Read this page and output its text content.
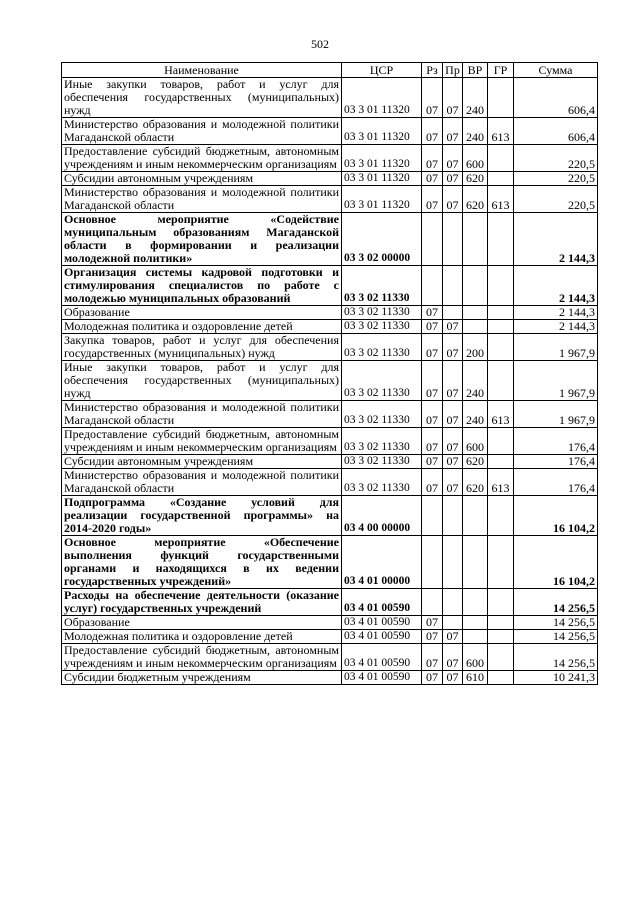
502
Наименование	ЦСР	Рз	Пр	ВР	ГР	Сумма
Иные закупки товаров, работ и услуг для обеспечения государственных (муниципальных) нужд	03 3 01 11320	07	07	240		606,4
Министерство образования и молодежной политики Магаданской области	03 3 01 11320	07	07	240	613	606,4
Предоставление субсидий бюджетным, автономным учреждениям и иным некоммерческим организациям	03 3 01 11320	07	07	600		220,5
Субсидии автономным учреждениям	03 3 01 11320	07	07	620		220,5
Министерство образования и молодежной политики Магаданской области	03 3 01 11320	07	07	620	613	220,5
Основное мероприятие «Содействие муниципальным образованиям Магаданской области в формировании и реализации молодежной политики»	03 3 02 00000					2 144,3
Организация системы кадровой подготовки и стимулирования специалистов по работе с молодежью муниципальных образований	03 3 02 11330					2 144,3
Образование	03 3 02 11330	07				2 144,3
Молодежная политика и оздоровление детей	03 3 02 11330	07	07			2 144,3
Закупка товаров, работ и услуг для обеспечения государственных (муниципальных) нужд	03 3 02 11330	07	07	200		1 967,9
Иные закупки товаров, работ и услуг для обеспечения государственных (муниципальных) нужд	03 3 02 11330	07	07	240		1 967,9
Министерство образования и молодежной политики Магаданской области	03 3 02 11330	07	07	240	613	1 967,9
Предоставление субсидий бюджетным, автономным учреждениям и иным некоммерческим организациям	03 3 02 11330	07	07	600		176,4
Субсидии автономным учреждениям	03 3 02 11330	07	07	620		176,4
Министерство образования и молодежной политики Магаданской области	03 3 02 11330	07	07	620	613	176,4
Подпрограмма «Создание условий для реализации государственной программы» на 2014-2020 годы»	03 4 00 00000					16 104,2
Основное мероприятие «Обеспечение выполнения функций государственными органами и находящихся в их ведении государственных учреждений»	03 4 01 00000					16 104,2
Расходы на обеспечение деятельности (оказание услуг) государственных учреждений	03 4 01 00590					14 256,5
Образование	03 4 01 00590	07				14 256,5
Молодежная политика и оздоровление детей	03 4 01 00590	07	07			14 256,5
Предоставление субсидий бюджетным, автономным учреждениям и иным некоммерческим организациям	03 4 01 00590	07	07	600		14 256,5
Субсидии бюджетным учреждениям	03 4 01 00590	07	07	610		10 241,3
